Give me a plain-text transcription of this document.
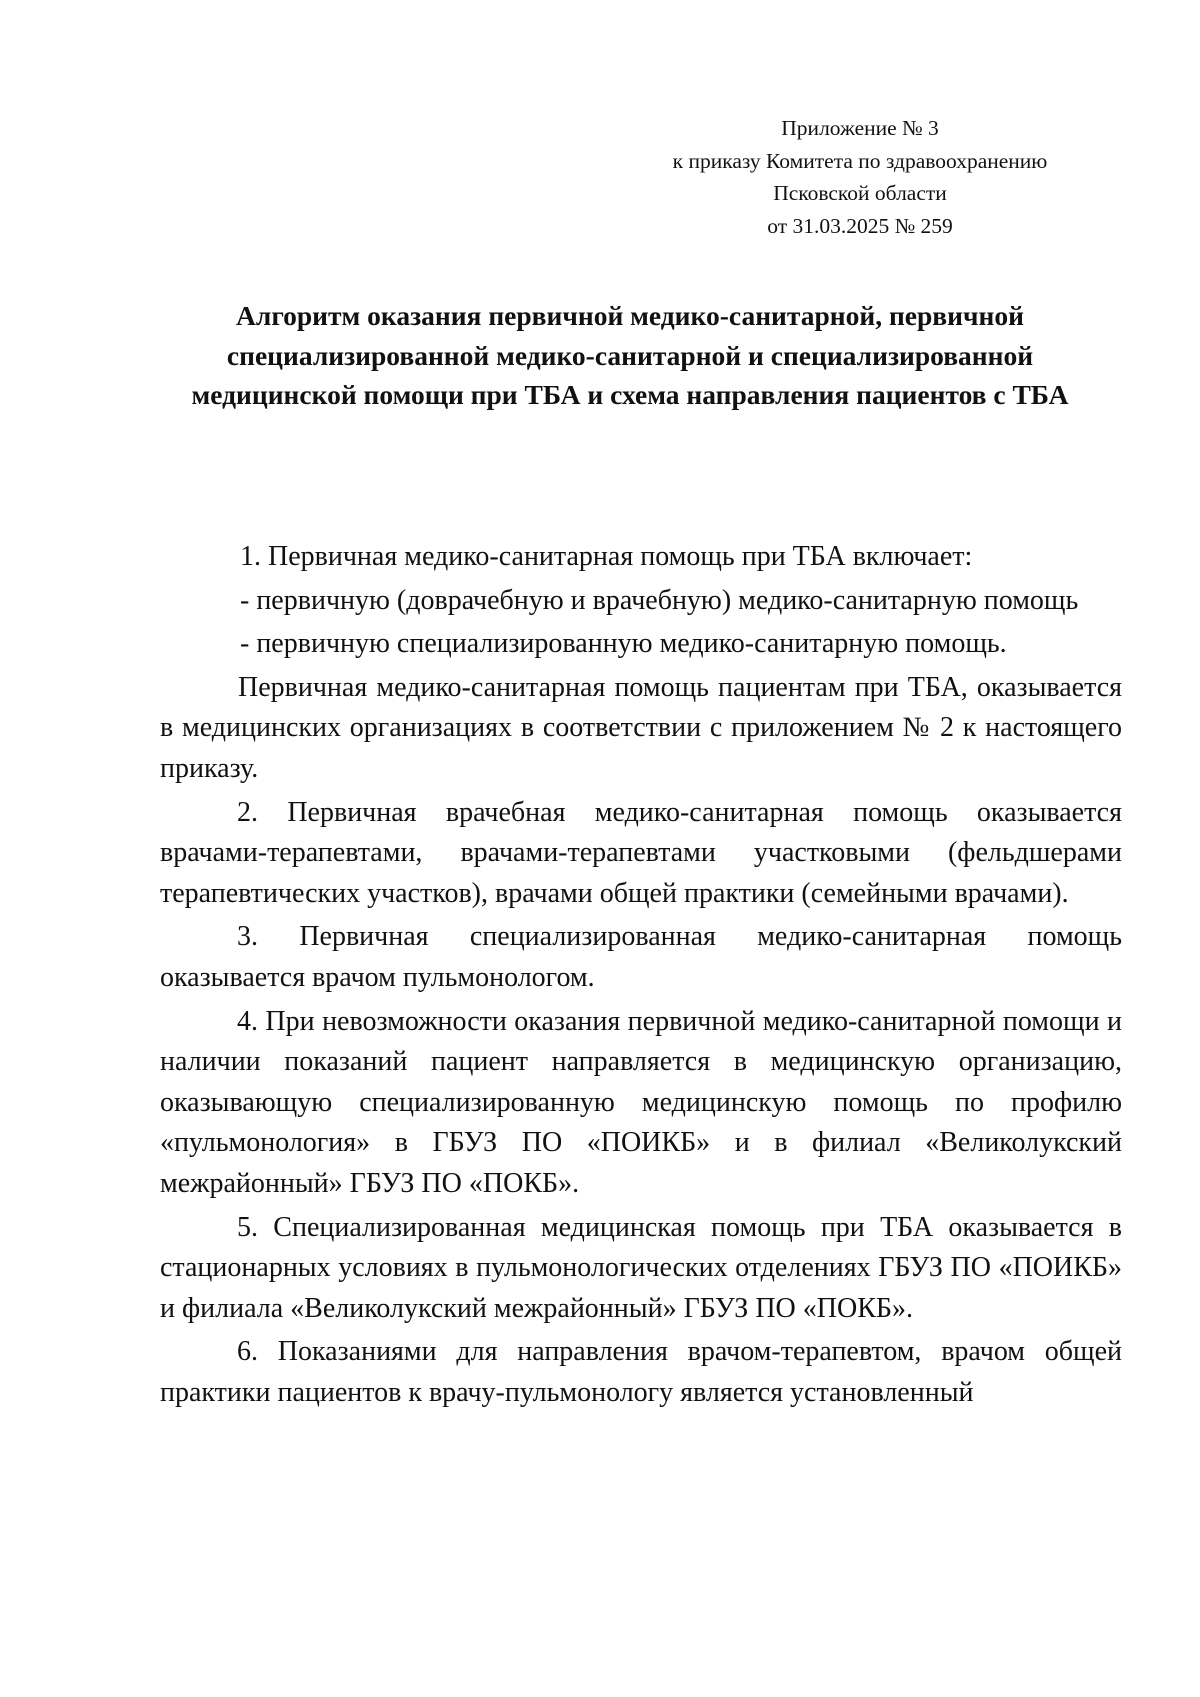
Приложение № 3
к приказу Комитета по здравоохранению
Псковской области
от 31.03.2025 № 259
Алгоритм оказания первичной медико-санитарной, первичной специализированной медико-санитарной и специализированной медицинской помощи при ТБА и схема направления пациентов с ТБА

1. Первичная медико-санитарная помощь при ТБА включает:

- первичную (доврачебную и врачебную) медико-санитарную помощь

- первичную специализированную медико-санитарную помощь.

Первичная медико-санитарная помощь пациентам при ТБА, оказывается в медицинских организациях в соответствии с приложением № 2 к настоящего приказу.

2. Первичная врачебная медико-санитарная помощь оказывается врачами-терапевтами, врачами-терапевтами участковыми (фельдшерами терапевтических участков), врачами общей практики (семейными врачами).

3. Первичная специализированная медико-санитарная помощь оказывается врачом пульмонологом.

4. При невозможности оказания первичной медико-санитарной помощи и наличии показаний пациент направляется в медицинскую организацию, оказывающую специализированную медицинскую помощь по профилю «пульмонология» в ГБУЗ ПО «ПОИКБ» и в филиал «Великолукский межрайонный» ГБУЗ ПО «ПОКБ».

5. Специализированная медицинская помощь при ТБА оказывается в стационарных условиях в пульмонологических отделениях ГБУЗ ПО «ПОИКБ» и филиала «Великолукский межрайонный» ГБУЗ ПО «ПОКБ».

6. Показаниями для направления врачом-терапевтом, врачом общей практики пациентов к врачу-пульмонологу является установленный
